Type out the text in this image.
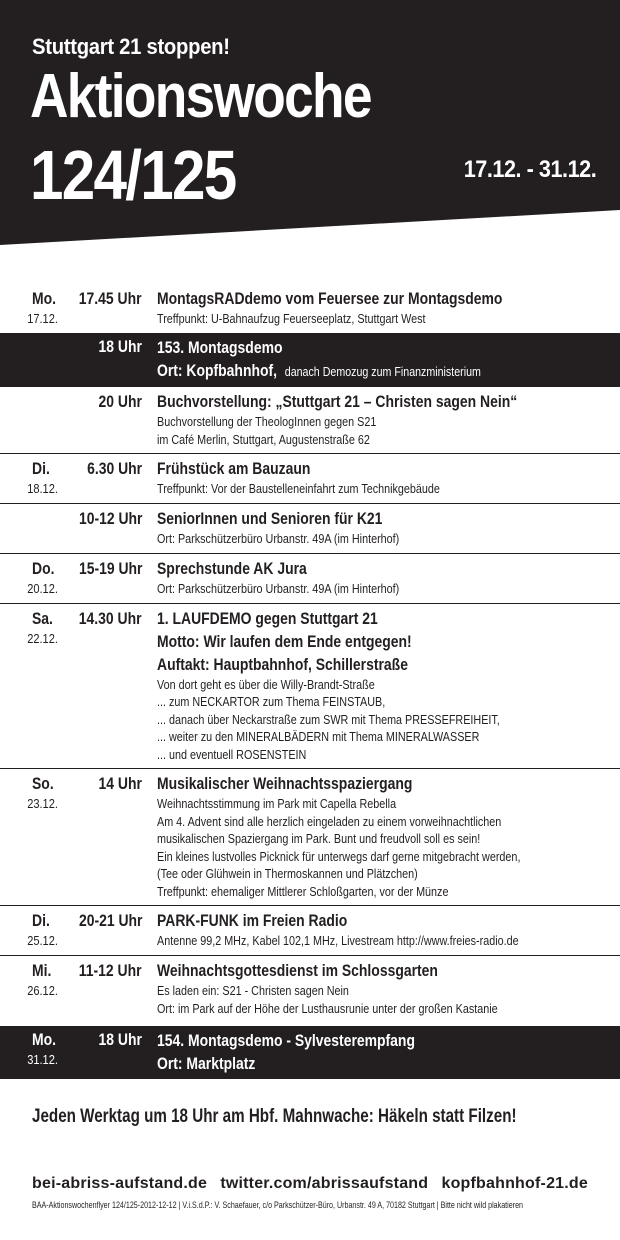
Stuttgart 21 stoppen!

Aktionswoche

124/125	17.12. - 31.12.

Mo. 17.45 Uhr
17.12.
MontagsRADdemo vom Feuersee zur Montagsdemo
Treffpunkt: U-Bahnaufzug Feuerseeplatz, Stuttgart West
18 Uhr 153. Montagsdemo
Ort: Kopfbahnhof, danach Demozug zum Finanzministerium
20 Uhr Buchvorstellung: „Stuttgart 21 – Christen sagen Nein“
Buchvorstellung der TheologInnen gegen S21
im Café Merlin, Stuttgart, Augustenstraße 62
Di. 6.30 Uhr
18.12.
Frühstück am Bauzaun
Treffpunkt: Vor der Baustelleneinfahrt zum Technikgebäude
10-12 Uhr SeniorInnen und Senioren für K21
Ort: Parkschützerbüro Urbanstr. 49A (im Hinterhof)
Do. 15-19 Uhr
20.12.
Sprechstunde AK Jura
Ort: Parkschützerbüro Urbanstr. 49A (im Hinterhof)
Sa. 14.30 Uhr
22.12.
1. LAUFDEMO gegen Stuttgart 21
Motto: Wir laufen dem Ende entgegen!
Auftakt: Hauptbahnhof, Schillerstraße
Von dort geht es über die Willy-Brandt-Straße
... zum NECKARTOR zum Thema FEINSTAUB,
... danach über Neckarstraße zum SWR mit Thema PRESSEFREIHEIT,
... weiter zu den MINERALBÄDERN mit Thema MINERALWASSER
... und eventuell ROSENSTEIN
So.	14 Uhr
23.12.
Musikalischer Weihnachtsspaziergang
Weihnachtsstimmung im Park mit Capella Rebella
Am 4. Advent sind alle herzlich eingeladen zu einem vorweihnachtlichen
musikalischen Spaziergang im Park. Bunt und freudvoll soll es sein!
Ein kleines lustvolles Picknick für unterwegs darf gerne mitgebracht werden,
(Tee oder Glühwein in Thermoskannen und Plätzchen)
Treffpunkt: ehemaliger Mittlerer Schloßgarten, vor der Münze
Di. 20-21 Uhr
25.12.
PARK-FUNK im Freien Radio
Antenne 99,2 MHz, Kabel 102,1 MHz, Livestream http://www.freies-radio.de
Mi. 11-12 Uhr
26.12.
Weihnachtsgottesdienst im Schlossgarten
Es laden ein: S21 - Christen sagen Nein
Ort: im Park auf der Höhe der Lusthausrunie unter der großen Kastanie
Mo.	18 Uhr
31.12.
154. Montagsdemo - Sylvesterempfang
Ort: Marktplatz

Jeden Werktag um 18 Uhr am Hbf. Mahnwache: Häkeln statt Filzen!

bei-abriss-aufstand.de twitter.com/abrissaufstand kopfbahnhof-21.de

BAA-Aktionswochenflyer 124/125-2012-12-12 | V.i.S.d.P.: V. Schaefauer, c/o Parkschützer-Büro, Urbanstr. 49 A, 70182 Stuttgart | Bitte nicht wild plakatieren
